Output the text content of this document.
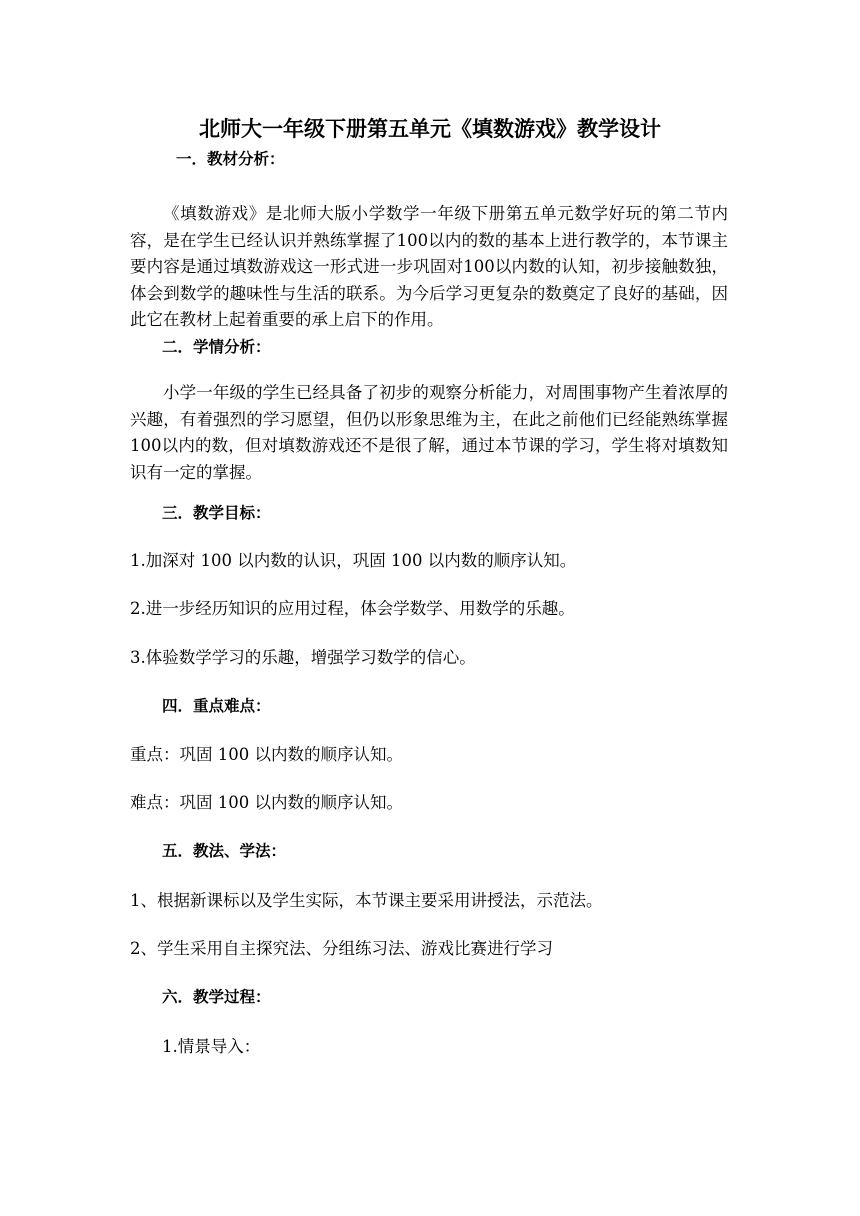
北师大一年级下册第五单元《填数游戏》教学设计
一．教材分析：

《填数游戏》是北师大版小学数学一年级下册第五单元数学好玩的第二节内容，是在学生已经认识并熟练掌握了100以内的数的基本上进行教学的，本节课主要内容是通过填数游戏这一形式进一步巩固对100以内数的认知，初步接触数独，体会到数学的趣味性与生活的联系。为今后学习更复杂的数奠定了良好的基础，因此它在教材上起着重要的承上启下的作用。

二．学情分析：

小学一年级的学生已经具备了初步的观察分析能力，对周围事物产生着浓厚的兴趣，有着强烈的学习愿望，但仍以形象思维为主，在此之前他们已经能熟练掌握100以内的数，但对填数游戏还不是很了解，通过本节课的学习，学生将对填数知识有一定的掌握。

三．教学目标：
1.加深对 100 以内数的认识，巩固 100 以内数的顺序认知。
2.进一步经历知识的应用过程，体会学数学、用数学的乐趣。
3.体验数学学习的乐趣，增强学习数学的信心。
四．重点难点：
重点：巩固 100 以内数的顺序认知。
难点：巩固 100 以内数的顺序认知。
五．教法、学法：
1、根据新课标以及学生实际，本节课主要采用讲授法，示范法。
2、学生采用自主探究法、分组练习法、游戏比赛进行学习
六．教学过程：
1.情景导入：
